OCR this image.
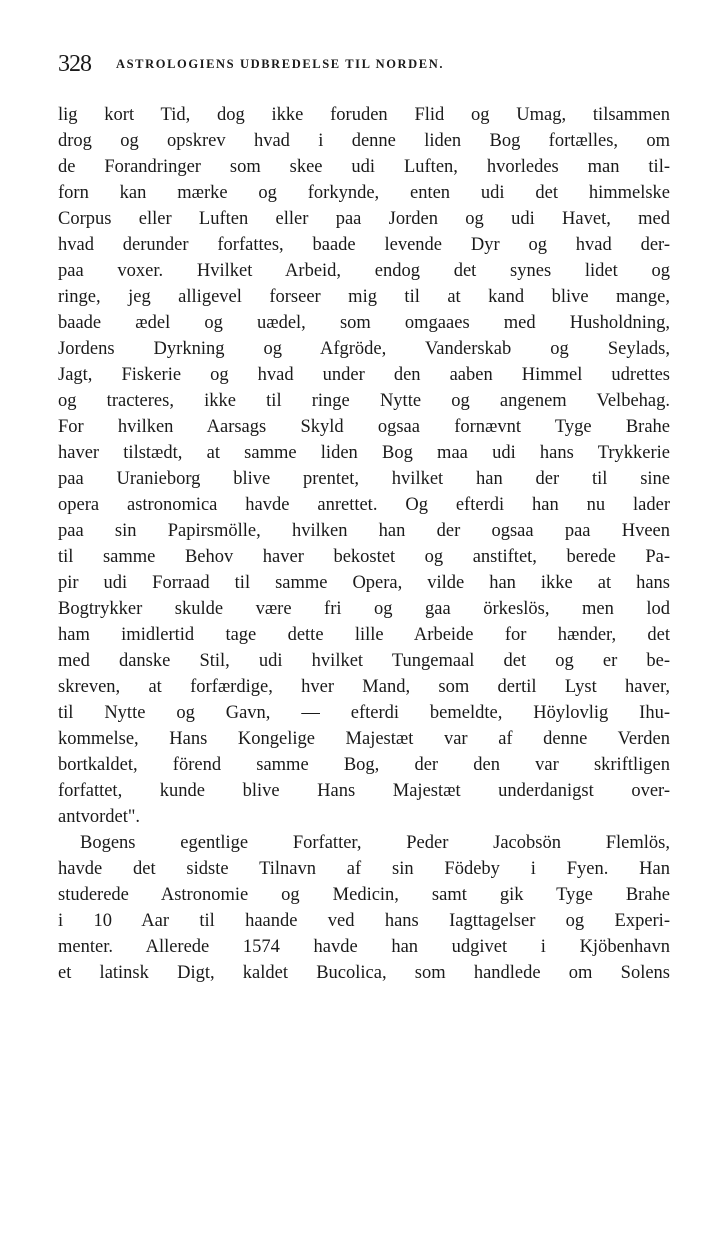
328 ASTROLOGIENS UDBREDELSE TIL NORDEN.
lig kort Tid, dog ikke foruden Flid og Umag, tilsammen
drog og opskrev hvad i denne liden Bog fortælles, om
de Forandringer som skee udi Luften, hvorledes man til-
forn kan mærke og forkynde, enten udi det himmelske
Corpus eller Luften eller paa Jorden og udi Havet, med
hvad derunder forfattes, baade levende Dyr og hvad der-
paa voxer. Hvilket Arbeid, endog det synes lidet og
ringe, jeg alligevel forseer mig til at kand blive mange,
baade ædel og uædel, som omgaaes med Husholdning,
Jordens Dyrkning og Afgröde, Vanderskab og Seylads,
Jagt, Fiskerie og hvad under den aaben Himmel udrettes
og tracteres, ikke til ringe Nytte og angenem Velbehag.
For hvilken Aarsags Skyld ogsaa fornævnt Tyge Brahe
haver tilstædt, at samme liden Bog maa udi hans Trykkerie
paa Uranieborg blive prentet, hvilket han der til sine
opera astronomica havde anrettet. Og efterdi han nu lader
paa sin Papirsmölle, hvilken han der ogsaa paa Hveen
til samme Behov haver bekostet og anstiftet, berede Pa-
pir udi Forraad til samme Opera, vilde han ikke at hans
Bogtrykker skulde være fri og gaa örkeslös, men lod
ham imidlertid tage dette lille Arbeide for hænder, det
med danske Stil, udi hvilket Tungemaal det og er be-
skreven, at forfærdige, hver Mand, som dertil Lyst haver,
til Nytte og Gavn, — efterdi bemeldte, Höylovlig Ihu-
kommelse, Hans Kongelige Majestæt var af denne Verden
bortkaldet, förend samme Bog, der den var skriftligen
forfattet, kunde blive Hans Majestæt underdanigst over-
antvordet".
Bogens egentlige Forfatter, Peder Jacobsön Flemlös,
havde det sidste Tilnavn af sin Födeby i Fyen. Han
studerede Astronomie og Medicin, samt gik Tyge Brahe
i 10 Aar til haande ved hans Iagttagelser og Experi-
menter. Allerede 1574 havde han udgivet i Kjöbenhavn
et latinsk Digt, kaldet Bucolica, som handlede om Solens
